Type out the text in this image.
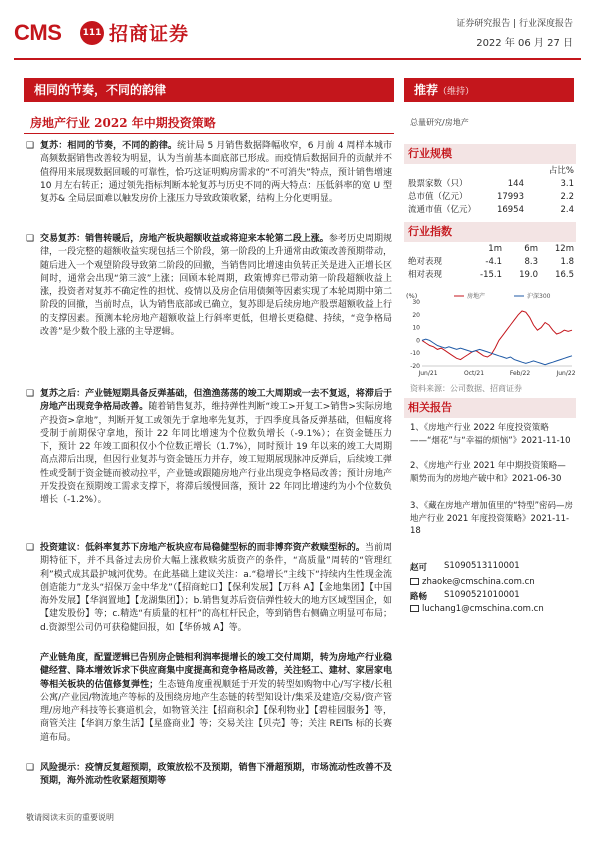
CMS 111 招商证券	证券研究报告 | 行业深度报告
2022 年 06 月 27 日
相同的节奏，不同的韵律	推荐（维持）
房地产行业 2022 年中期投资策略	总量研究/房地产
❑ 复苏：相同的节奏，不同的韵律。统计局 5 月销售数据降幅收窄，6 月前 4 周样本城市高频数据销售改善较为明显，认为当前基本面底部已形成。而疫情后数据回升的贡献并不值得用来展现数据回暖的可靠性，恰巧这证明购房需求的“不可消失”特点，预计销售增速 10 月左右转正；通过领先指标判断本轮复苏与历史不同的两大特点：压低斜率的宽 U 型复苏& 全局层面难以触发房价上涨压力导致政策收紧，结构上分化更明显。
❑ 交易复苏：销售转暖后，房地产板块超额收益或将迎来本轮第二段上涨。参考历史周期规律，一段完整的超额收益实现包括三个阶段，第一阶段的上升通常由政策改善预期带动，随后进入一个观望阶段导致第二阶段的回撤，当销售同比增速由负转正关是进入正增长区间时，通常会出现“第三波”上涨；回顾本轮周期，政策博弈已带动第一阶段超额收益上涨，投资者对复苏不确定性的担忧、疫情以及房企信用债频等因素实现了本轮周期中第二阶段的回撤，当前时点，认为销售底部或已确立，复苏即是后续房地产股票超额收益上行的支撑因素。预测本轮房地产超额收益上行斜率更低，但增长更稳健、持续，“竞争格局改善”是少数个股上涨的主导逻辑。
❑ 复苏之后：产业链短期具备反弹基础，但渔渔荡荡的竣工大周期或一去不复返，将滞后于房地产出现竞争格局改善。随着销售复苏，维持弹性判断“竣工>开复工>销售>实际房地产投资>拿地”，判断开复工或领先于拿地率先复苏，于四季度具备反弹基础，但幅度将受制于前期保守拿地，预计 22 年同比增速为个位数负增长（-9.1%）；在资金链压力下，预计 22 年竣工面积仅小个位数正增长（1.7%），同时预计 19 年以来的竣工大周期高点滞后出现，但因行业复苏与资金链压力并存，竣工短期展现脉冲反弹后，后续竣工弹性或受制于资金链而被动拉平，产业链或跟随房地产行业出现竞争格局改善；预计房地产开发投资在预期竣工需求支撑下，将滞后缓慢回落，预计 22 年同比增速约为小个位数负增长（-1.2%）。
❑ 投资建议：低斜率复苏下房地产板块应布局稳健型标的而非博弈资产救赎型标的。当前周期特征下，并不具备过去房价大幅上涨救赎劣质资产的条件，“高质量”周转的“管理红利”模式成其最护城河优势。在此基础上建议关注：a.“稳增长”主线下“持续内生性现金流创造能力”龙头“招保万金中华龙”（【招商蛇口】【保利发展】【万科 A】【金地集团】【中国海外发展】【华润置地】【龙湖集团】）；b.销售复苏后资信弹性较大的地方区域型国企，如【建发股份】等；c.精选“有质量的杠杆”的高杠杆民企，等到销售右侧确立明显可布局；d.资源型公司仍可获稳健回报，如【华侨城 A】等。
产业链角度，配置逻辑已告别房企链相利润率提增长的竣工交付周期，转为房地产行业稳健经营、降本增效诉求下供应商集中度提高和竞争格局改善，关注轻工、建材、家居家电等相关板块的估值修复弹性；生态链角度重视顺延于开发的转型如购物中心/写字楼/长租公寓/产业园/物流地产等标的及围绕房地产生态链的转型知设计/集采及建造/交易/资产管理/房地产科技等长赛道机会，如物管关注【招商积余】【保利物业】【碧桂园服务】等，商管关注【华润万象生活】【星盛商业】等；交易关注【贝壳】等；关注 REITs 标的长赛道布局。
❑ 风险提示：疫情反复超预期，政策放松不及预期，销售下滑超预期，市场流动性改善不及预期，海外流动性收紧超预期等
行业规模
占比%
股票家数（只）	144	3.1
总市值（亿元）	17993	2.2
流通市值（亿元）	16954	2.4
行业指数
1m	6m	12m
绝对表现	-4.1	8.3	1.8
相对表现	-15.1	19.0	16.5
(%)
30
20
10
0
-10
-20
Jun/21	Oct/21	Feb/22	Jun/22
房地产	沪深300
资料来源：公司数据、招商证券
相关报告
1、《房地产行业 2022 年度投资策略——“烟花”与“幸福的烦恼”》2021-11-10
2、《房地产行业 2021 年中期投资策略—顺势而为的房地产破中和》2021-06-30
3、《藏在房地产增加值里的“特型”密码—房地产行业 2021 年度投资策略》2021-11-18
赵可 S1090513110001
zhaoke@cmschina.com.cn
路畅 S1090521010001
luchang1@cmschina.com.cn
敬请阅读末页的重要说明
